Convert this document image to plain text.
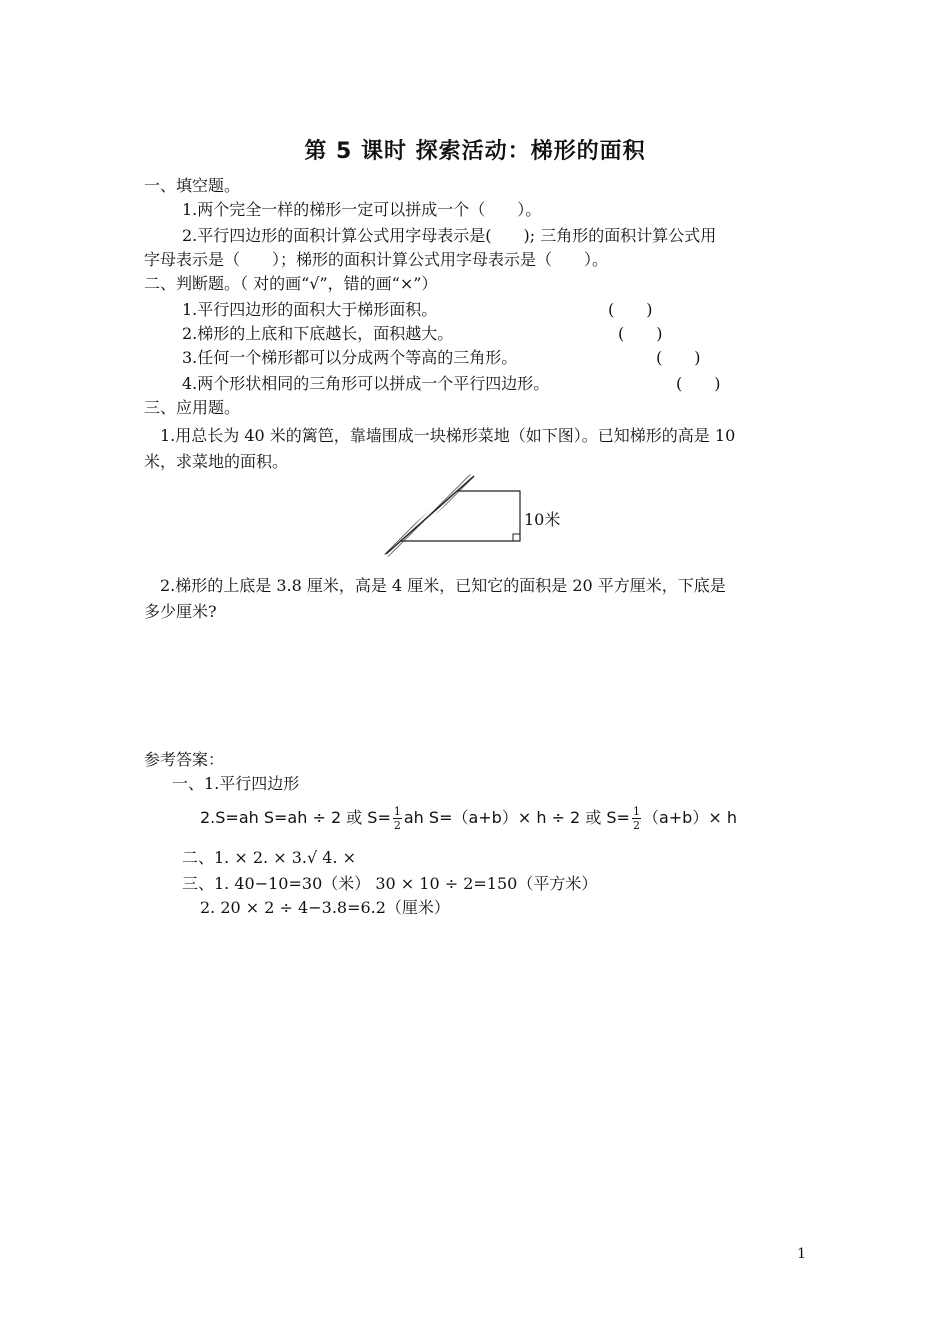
第 5 课时 探索活动：梯形的面积
一、填空题。
1.两个完全一样的梯形一定可以拼成一个（　　）。
2.平行四边形的面积计算公式用字母表示是(　　); 三角形的面积计算公式用
字母表示是（　　）；梯形的面积计算公式用字母表示是（　　）。
二、判断题。（ 对的画“√”，错的画“×”）
1.平行四边形的面积大于梯形面积。	(　　)
2.梯形的上底和下底越长，面积越大。	(　　)
3.任何一个梯形都可以分成两个等高的三角形。	(　　)
4.两个形状相同的三角形可以拼成一个平行四边形。	(　　)
三、应用题。
1.用总长为 40 米的篱笆，靠墙围成一块梯形菜地（如下图）。已知梯形的高是 10
米，求菜地的面积。
10米
2.梯形的上底是 3.8 厘米，高是 4 厘米，已知它的面积是 20 平方厘米，下底是
多少厘米?
参考答案：
一、1.平行四边形
2.S=ah S=ah ÷ 2 或 $S= \frac{1}{2}$ ah S=（a+b）× h ÷ 2 或 $S= \frac{1}{2} (a+b)\times h$
二、1. × 2. × 3.√ 4. ×
三、1. 40−10=30（米） 30 × 10 ÷ 2=150（平方米）
2. 20 × 2 ÷ 4−3.8=6.2（厘米）
1
